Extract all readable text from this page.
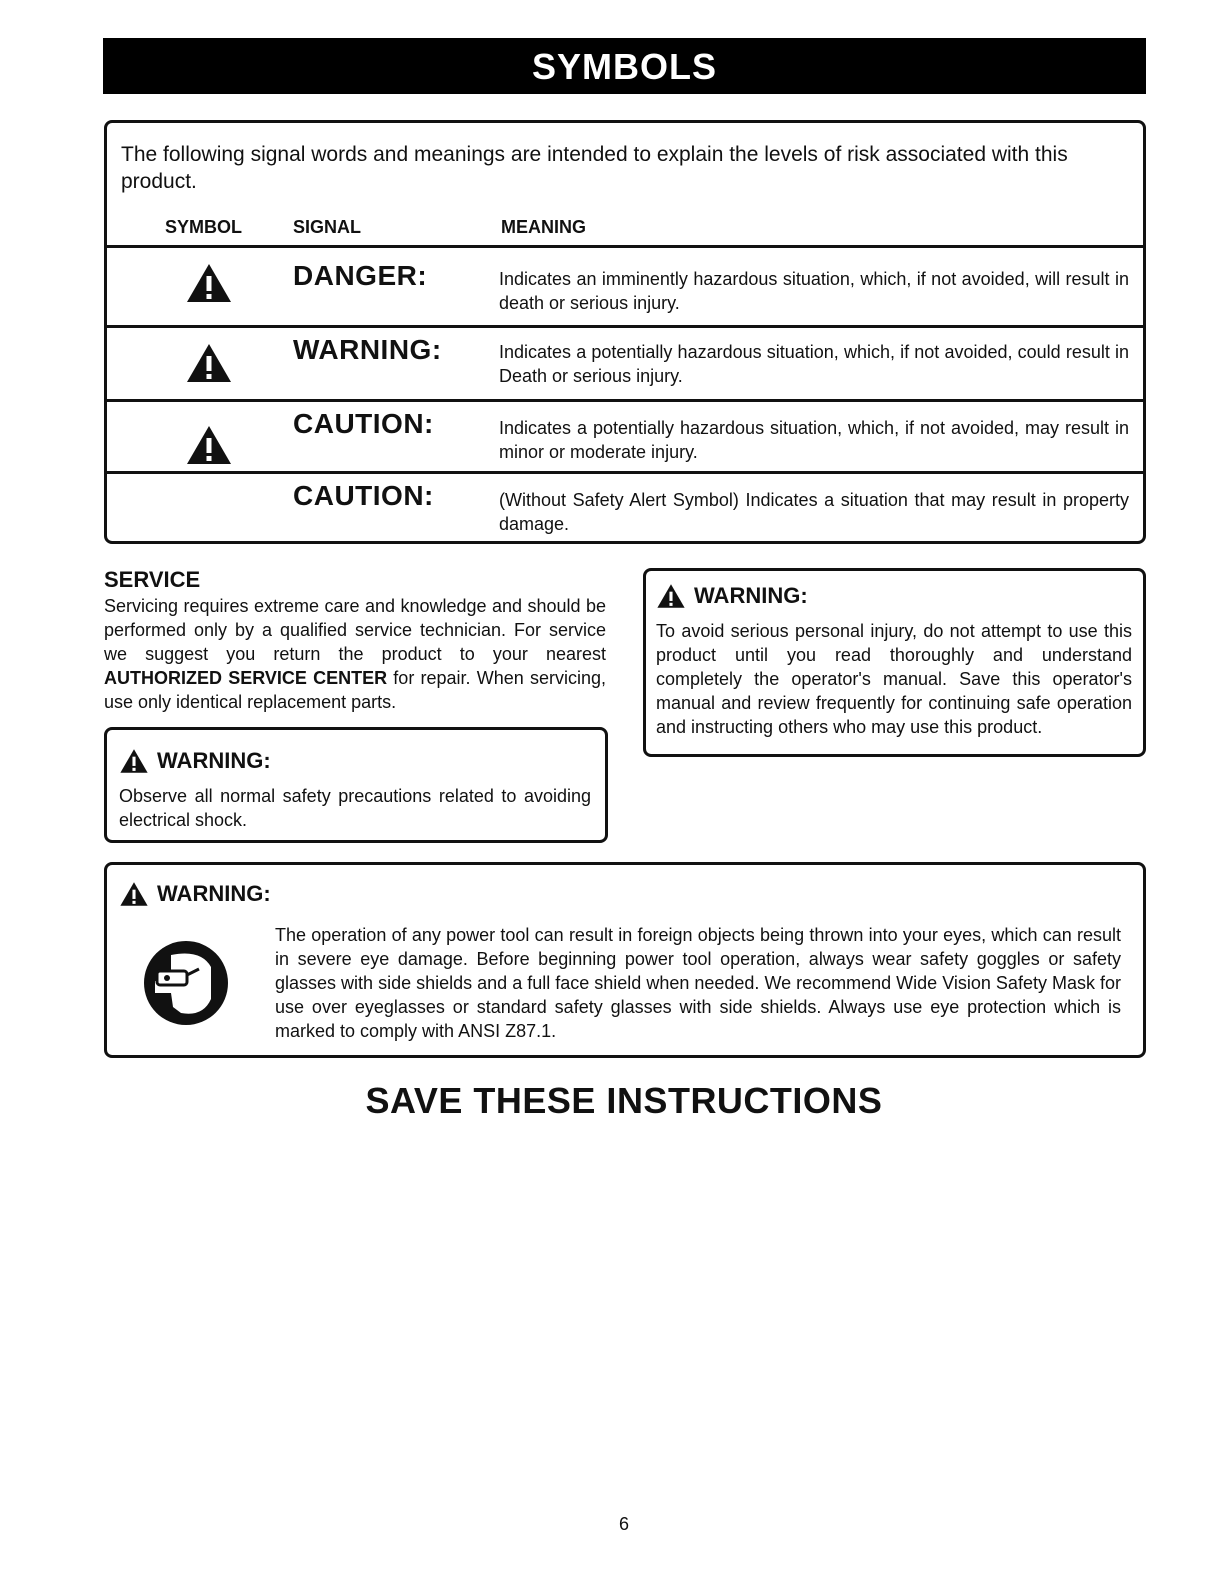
SYMBOLS
The following signal words and meanings are intended to explain the levels of risk associated with this product.
SYMBOL	SIGNAL	MEANING
DANGER:	Indicates an imminently hazardous situation, which, if not avoided, will result in death or serious injury.
WARNING:	Indicates a potentially hazardous situation, which, if not avoided, could result in Death or serious injury.
CAUTION:	Indicates a potentially hazardous situation, which, if not avoided, may result in minor or moderate injury.
CAUTION:	(Without Safety Alert Symbol) Indicates a situation that may result in property damage.
SERVICE
Servicing requires extreme care and knowledge and should be performed only by a qualified service technician. For service we suggest you return the product to your nearest AUTHORIZED SERVICE CENTER for repair. When servicing, use only identical replacement parts.
WARNING:
Observe all normal safety precautions related to avoiding electrical shock.
WARNING:
To avoid serious personal injury, do not attempt to use this product until you read thoroughly and understand completely the operator's manual. Save this operator's manual and review frequently for continuing safe operation and instructing others who may use this product.
WARNING:
The operation of any power tool can result in foreign objects being thrown into your eyes, which can result in severe eye damage. Before beginning power tool operation, always wear safety goggles or safety glasses with side shields and a full face shield when needed. We recommend Wide Vision Safety Mask for use over eyeglasses or standard safety glasses with side shields. Always use eye protection which is marked to comply with ANSI Z87.1.
SAVE THESE INSTRUCTIONS
6
